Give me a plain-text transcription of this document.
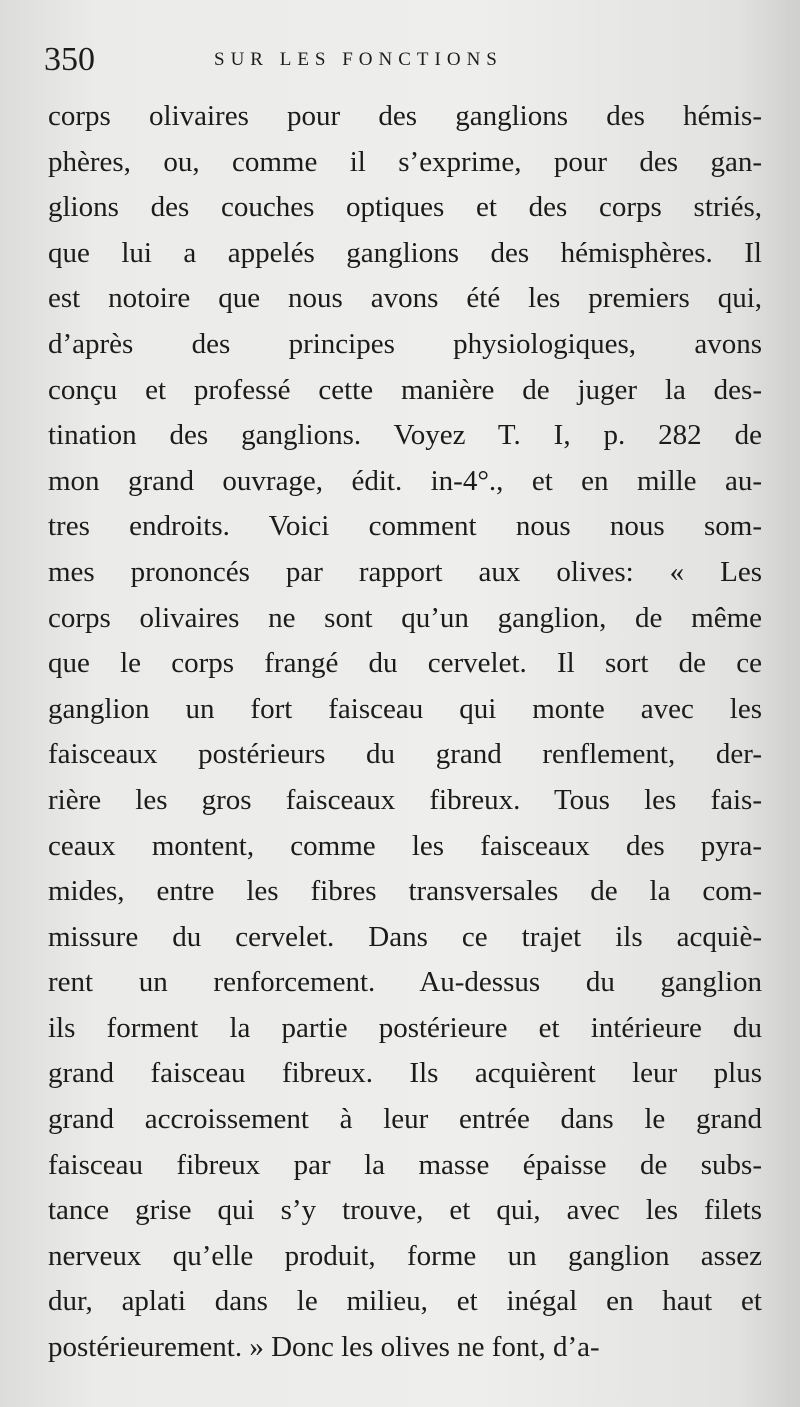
350	SUR LES FONCTIONS
corps olivaires pour des ganglions des hémis-
phères, ou, comme il s’exprime, pour des gan-
glions des couches optiques et des corps striés,
que lui a appelés ganglions des hémisphères. Il
est notoire que nous avons été les premiers qui,
d’après des principes physiologiques, avons
conçu et professé cette manière de juger la des-
tination des ganglions. Voyez T. I, p. 282 de
mon grand ouvrage, édit. in-4°., et en mille au-
tres endroits. Voici comment nous nous som-
mes prononcés par rapport aux olives: « Les
corps olivaires ne sont qu’un ganglion, de même
que le corps frangé du cervelet. Il sort de ce
ganglion un fort faisceau qui monte avec les
faisceaux postérieurs du grand renflement, der-
rière les gros faisceaux fibreux. Tous les fais-
ceaux montent, comme les faisceaux des pyra-
mides, entre les fibres transversales de la com-
missure du cervelet. Dans ce trajet ils acquiè-
rent un renforcement. Au-dessus du ganglion
ils forment la partie postérieure et intérieure du
grand faisceau fibreux. Ils acquièrent leur plus
grand accroissement à leur entrée dans le grand
faisceau fibreux par la masse épaisse de subs-
tance grise qui s’y trouve, et qui, avec les filets
nerveux qu’elle produit, forme un ganglion assez
dur, aplati dans le milieu, et inégal en haut et
postérieurement. » Donc les olives ne font, d’a-
